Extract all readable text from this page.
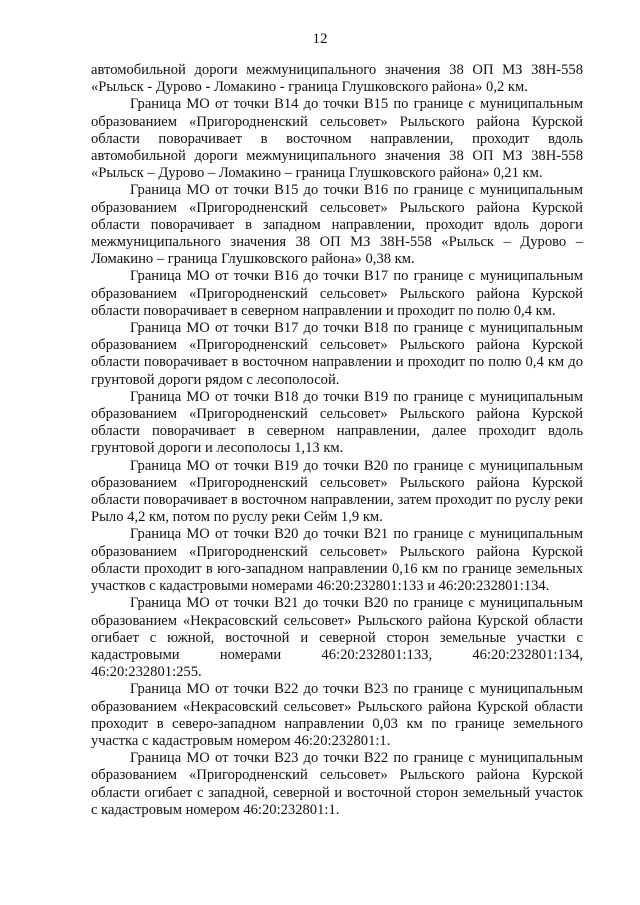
12

автомобильной дороги межмуниципального значения 38 ОП МЗ 38Н-558 «Рыльск - Дурово - Ломакино - граница Глушковского района» 0,2 км.

Граница МО от точки В14 до точки В15 по границе с муниципальным образованием «Пригородненский сельсовет» Рыльского района Курской области поворачивает в восточном направлении, проходит вдоль автомобильной дороги межмуниципального значения 38 ОП МЗ 38Н-558 «Рыльск – Дурово – Ломакино – граница Глушковского района» 0,21 км.

Граница МО от точки В15 до точки В16 по границе с муниципальным образованием «Пригородненский сельсовет» Рыльского района Курской области поворачивает в западном направлении, проходит вдоль дороги межмуниципального значения 38 ОП МЗ 38Н-558 «Рыльск – Дурово – Ломакино – граница Глушковского района» 0,38 км.

Граница МО от точки В16 до точки В17 по границе с муниципальным образованием «Пригородненский сельсовет» Рыльского района Курской области поворачивает в северном направлении и проходит по полю 0,4 км.

Граница МО от точки В17 до точки В18 по границе с муниципальным образованием «Пригородненский сельсовет» Рыльского района Курской области поворачивает в восточном направлении и проходит по полю 0,4 км до грунтовой дороги рядом с лесополосой.

Граница МО от точки В18 до точки В19 по границе с муниципальным образованием «Пригородненский сельсовет» Рыльского района Курской области поворачивает в северном направлении, далее проходит вдоль грунтовой дороги и лесополосы 1,13 км.

Граница МО от точки В19 до точки В20 по границе с муниципальным образованием «Пригородненский сельсовет» Рыльского района Курской области поворачивает в восточном направлении, затем проходит по руслу реки Рыло 4,2 км, потом по руслу реки Сейм 1,9 км.

Граница МО от точки В20 до точки В21 по границе с муниципальным образованием «Пригородненский сельсовет» Рыльского района Курской области проходит в юго-западном направлении 0,16 км по границе земельных участков с кадастровыми номерами 46:20:232801:133 и 46:20:232801:134.

Граница МО от точки В21 до точки В20 по границе с муниципальным образованием «Некрасовский сельсовет» Рыльского района Курской области огибает с южной, восточной и северной сторон земельные участки с кадастровыми номерами 46:20:232801:133, 46:20:232801:134, 46:20:232801:255.

Граница МО от точки В22 до точки В23 по границе с муниципальным образованием «Некрасовский сельсовет» Рыльского района Курской области проходит в северо-западном направлении 0,03 км по границе земельного участка с кадастровым номером 46:20:232801:1.

Граница МО от точки В23 до точки В22 по границе с муниципальным образованием «Пригородненский сельсовет» Рыльского района Курской области огибает с западной, северной и восточной сторон земельный участок с кадастровым номером 46:20:232801:1.
